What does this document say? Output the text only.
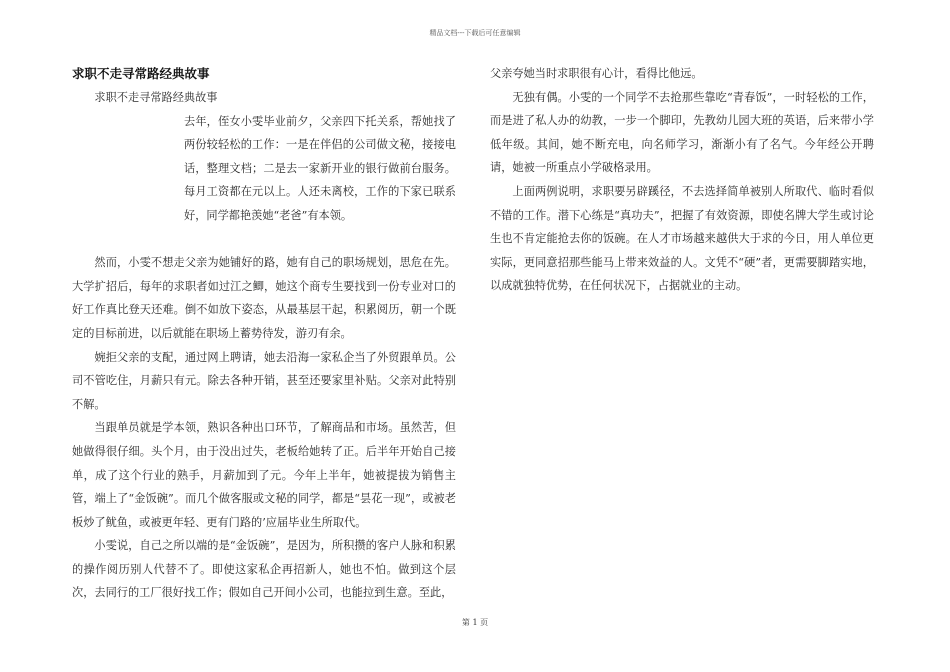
精品文档---下载后可任意编辑
求职不走寻常路经典故事

求职不走寻常路经典故事

去年，侄女小雯毕业前夕，父亲四下托关系，帮她找了两份较轻松的工作：一是在伴侣的公司做文秘，接接电话，整理文档；二是去一家新开业的银行做前台服务。每月工资都在元以上。人还未离校，工作的下家已联系好，同学都艳羡她“老爸”有本领。

然而，小雯不想走父亲为她铺好的路，她有自己的职场规划，思危在先。大学扩招后，每年的求职者如过江之鲫，她这个商专生要找到一份专业对口的好工作真比登天还难。倒不如放下姿态，从最基层干起，积累阅历，朝一个既定的目标前进，以后就能在职场上蓄势待发，游刃有余。

婉拒父亲的支配，通过网上聘请，她去沿海一家私企当了外贸跟单员。公司不管吃住，月薪只有元。除去各种开销，甚至还要家里补贴。父亲对此特别不解。

当跟单员就是学本领，熟识各种出口环节，了解商品和市场。虽然苦，但她做得很仔细。头个月，由于没出过失，老板给她转了正。后半年开始自己接单，成了这个行业的熟手，月薪加到了元。今年上半年，她被提拔为销售主管，端上了“金饭碗”。而几个做客服或文秘的同学，都是“昙花一现”，或被老板炒了鱿鱼，或被更年轻、更有门路的’应届毕业生所取代。

小雯说，自己之所以端的是“金饭碗”，是因为，所积攒的客户人脉和积累的操作阅历别人代替不了。即使这家私企再招新人，她也不怕。做到这个层次，去同行的工厂很好找工作；假如自己开间小公司，也能拉到生意。至此，

父亲夸她当时求职很有心计，看得比他远。

无独有偶。小雯的一个同学不去抢那些靠吃“青春饭”，一时轻松的工作，而是进了私人办的幼教，一步一个脚印，先教幼儿园大班的英语，后来带小学低年级。其间，她不断充电，向名师学习，渐渐小有了名气。今年经公开聘请，她被一所重点小学破格录用。

上面两例说明，求职要另辟蹊径，不去选择简单被别人所取代、临时看似不错的工作。潜下心练是“真功夫”，把握了有效资源，即使名牌大学生或讨论生也不肯定能抢去你的饭碗。在人才市场越来越供大于求的今日，用人单位更实际，更同意招那些能马上带来效益的人。文凭不“硬”者，更需要脚踏实地，以成就独特优势，在任何状况下，占据就业的主动。

第 1 页
